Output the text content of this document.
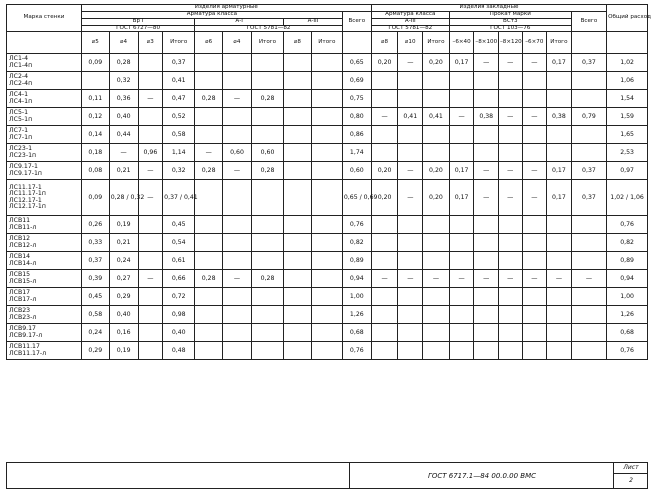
Марка стенки	Изделия арматурные										Изделия закладные									Общий расход
	Арматура класса									Всего	Арматура класса			Прокат марки					Всего	
	Вр I				А-I			А-III			А-III			ВСт3						
	ГОСТ 6727—80				ГОСТ 5781—82						ГОСТ 5781—82			ГОСТ 103—76						
	⌀5	⌀4	⌀3	Итого	⌀6	⌀4	Итого	⌀8	Итого		⌀8	⌀10	Итого	–6×40	–8×100	–8×120	–6×70	Итого		

ЛС1-4
ЛС1-4п	0,09	0,28		0,37						0,65	0,20	—	0,20	0,17	—	—	—	0,17	0,37	1,02

ЛС2-4
ЛС2-4п		0,32		0,41						0,69										1,06

ЛС4-1
ЛС4-1п	0,11	0,36	—	0,47	0,28	—	0,28			0,75										1,54

ЛС5-1
ЛС5-1п	0,12	0,40		0,52						0,80	—	0,41	0,41	—	0,38	—	—	0,38	0,79	1,59

ЛС7-1
ЛС7-1п	0,14	0,44		0,58						0,86										1,65

ЛС23-1
ЛС23-1п	0,18	—	0,96	1,14	—	0,60	0,60			1,74										2,53

ЛС9.17-1
ЛС9.17-1п	0,08	0,21	—	0,32	0,28	—	0,28			0,60	0,20	—	0,20	0,17	—	—	—	0,17	0,37	0,97

ЛС11.17-1
ЛС11.17-1п
ЛС12.17-1
ЛС12.17-1п	0,09	0,28 / 0,32	—	0,37 / 0,41						0,65 / 0,69	0,20	—	0,20	0,17	—	—	—	0,17	0,37	1,02 / 1,06

ЛСВ11
ЛСВ11-л	0,26	0,19		0,45						0,76										0,76

ЛСВ12
ЛСВ12-л	0,33	0,21		0,54						0,82										0,82

ЛСВ14
ЛСВ14-л	0,37	0,24		0,61						0,89										0,89

ЛСВ15
ЛСВ15-л	0,39	0,27	—	0,66	0,28	—	0,28			0,94	—	—	—	—	—	—	—	—	—	0,94

ЛСВ17
ЛСВ17-л	0,45	0,29		0,72						1,00										1,00

ЛСВ23
ЛСВ23-л	0,58	0,40		0,98						1,26										1,26

ЛСВ9.17
ЛСВ9.17-л	0,24	0,16		0,40						0,68										0,68

ЛСВ11.17
ЛСВ11.17-л	0,29	0,19		0,48						0,76										0,76
ГОСТ 6717.1—84 00.0.00 ВМС
Лист
2
